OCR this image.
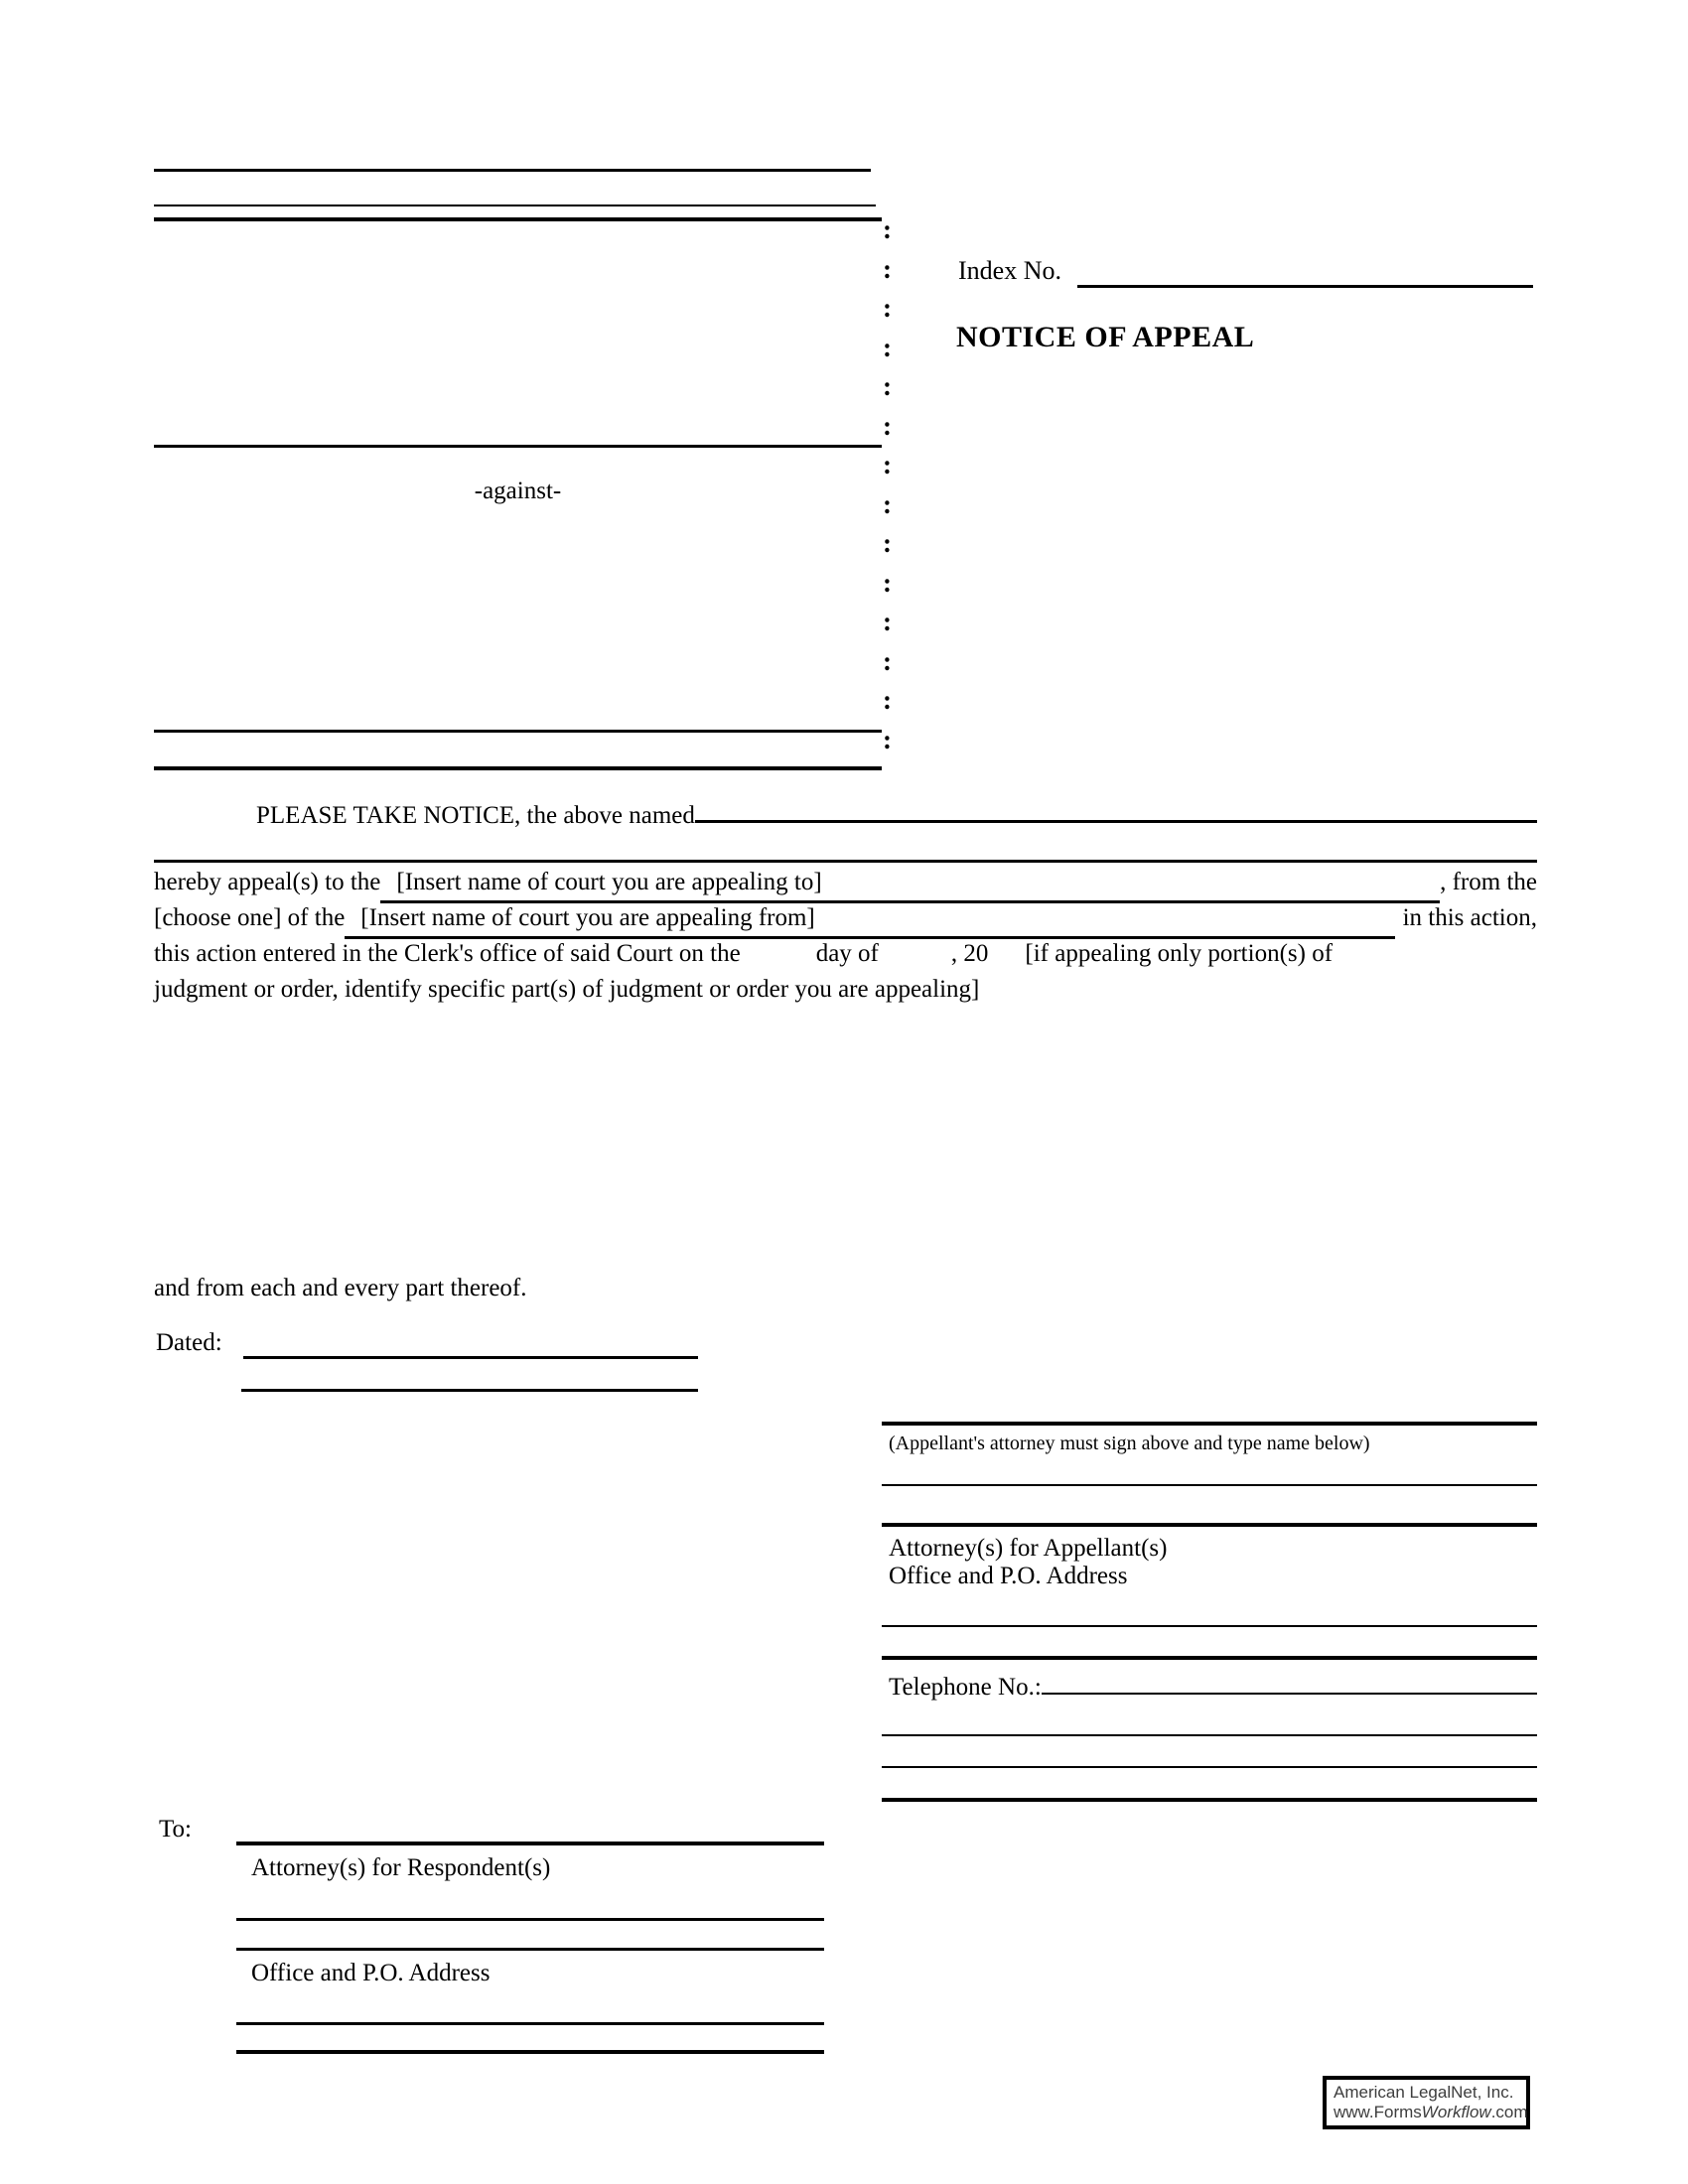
:
:
:
:
:
:
:
:
:
:
:
:
:
:
Index No.
NOTICE OF APPEAL
-against-
PLEASE TAKE NOTICE, the above named
hereby appeal(s) to the [Insert name of court you are appealing to]	, from the
[choose one] of the [Insert name of court you are appealing from]	in this action,
this action entered in the Clerk's office of said Court on the	day of	, 20 [if appealing only portion(s) of
judgment or order, identify specific part(s) of judgment or order you are appealing]
and from each and every part thereof.
Dated:
(Appellant's attorney must sign above and type name below)
Attorney(s) for Appellant(s)
Office and P.O. Address
Telephone No.:
To:
Attorney(s) for Respondent(s)
Office and P.O. Address
American LegalNet, Inc.
www.FormsWorkflow.com
